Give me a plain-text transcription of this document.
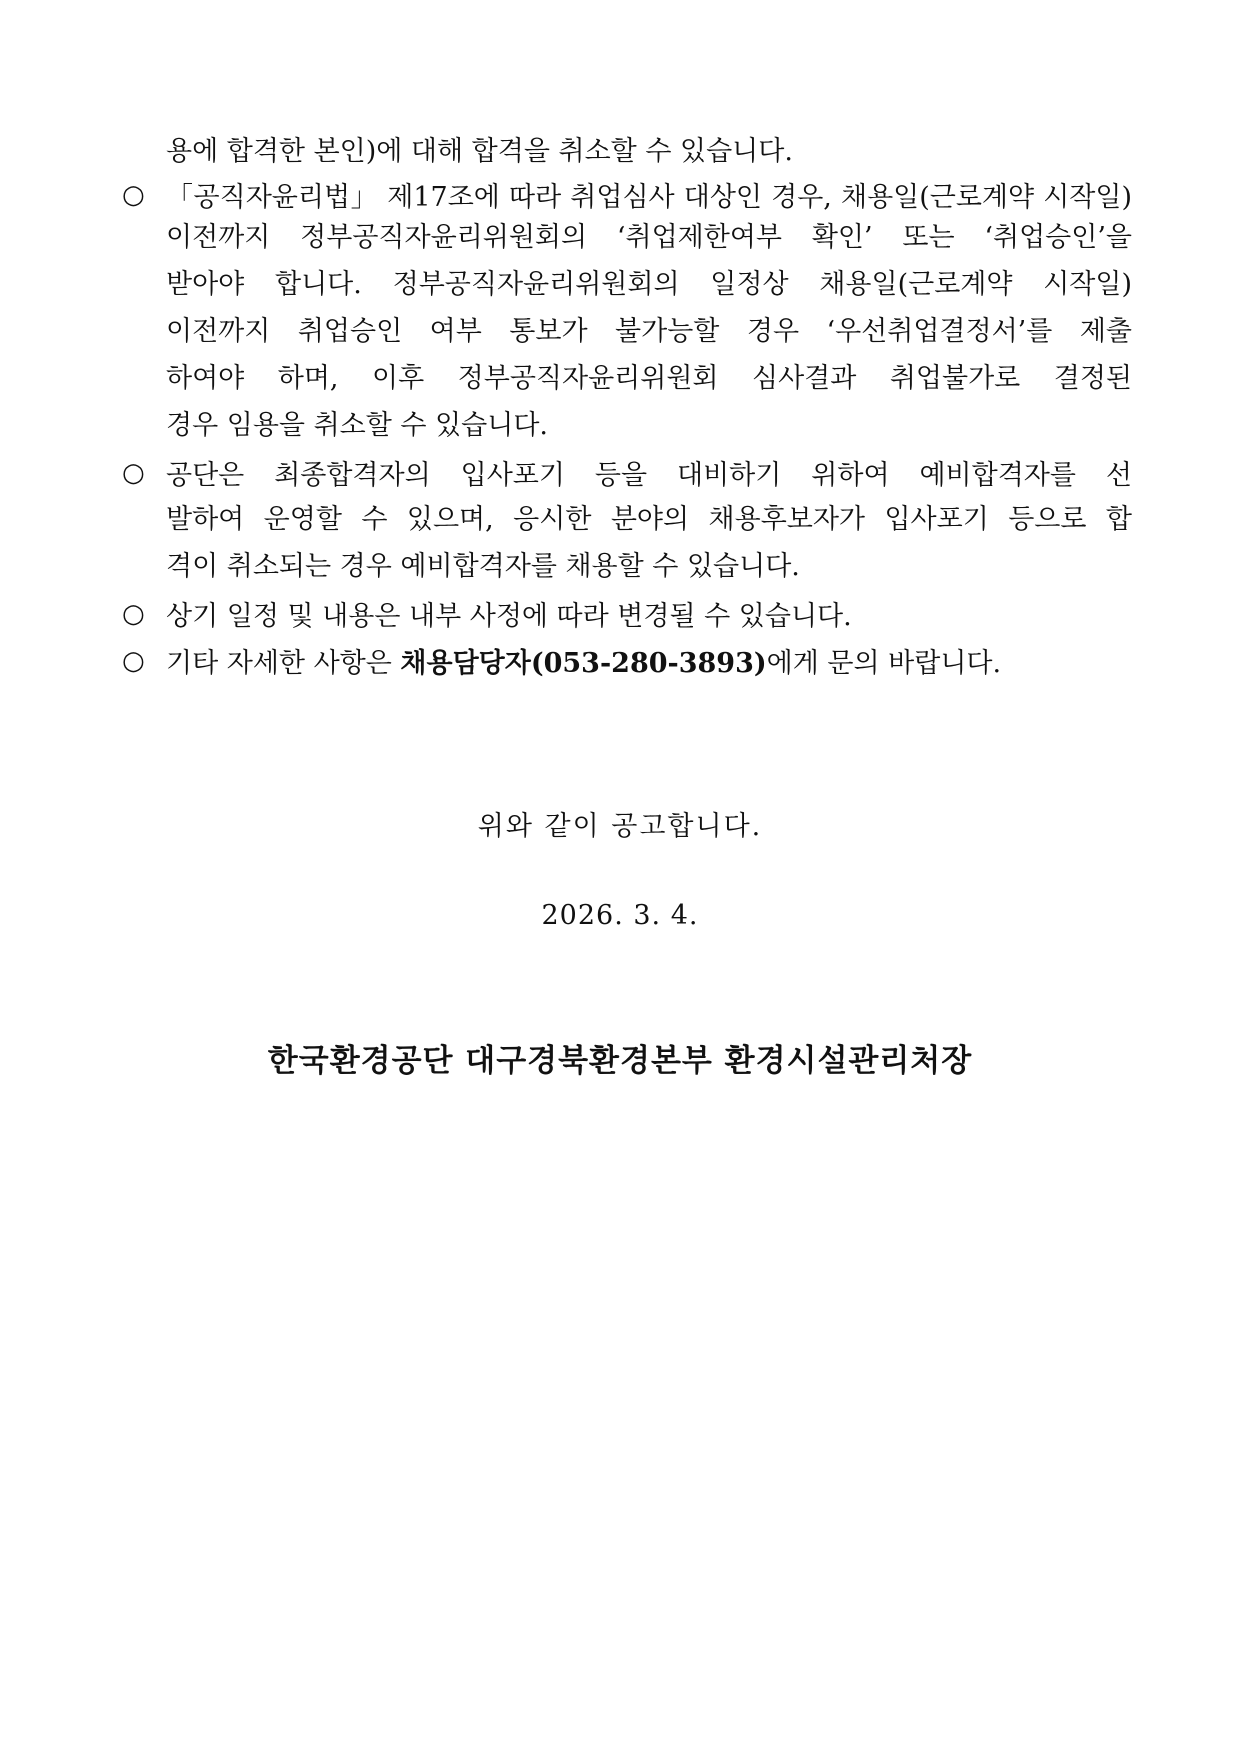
용에 합격한 본인)에 대해 합격을 취소할 수 있습니다.
○ 「공직자윤리법」 제17조에 따라 취업심사 대상인 경우, 채용일(근로계약 시작일)
이전까지 정부공직자윤리위원회의 ‘취업제한여부 확인’ 또는 ‘취업승인’을
받아야 합니다. 정부공직자윤리위원회의 일정상 채용일(근로계약 시작일)
이전까지 취업승인 여부 통보가 불가능할 경우 ‘우선취업결정서’를 제출
하여야 하며, 이후 정부공직자윤리위원회 심사결과 취업불가로 결정된
경우 임용을 취소할 수 있습니다.
○ 공단은 최종합격자의 입사포기 등을 대비하기 위하여 예비합격자를 선
발하여 운영할 수 있으며, 응시한 분야의 채용후보자가 입사포기 등으로 합
격이 취소되는 경우 예비합격자를 채용할 수 있습니다.
○ 상기 일정 및 내용은 내부 사정에 따라 변경될 수 있습니다.
○ 기타 자세한 사항은 채용담당자(053-280-3893)에게 문의 바랍니다.
위와 같이 공고합니다.
2026. 3. 4.
한국환경공단 대구경북환경본부 환경시설관리처장
